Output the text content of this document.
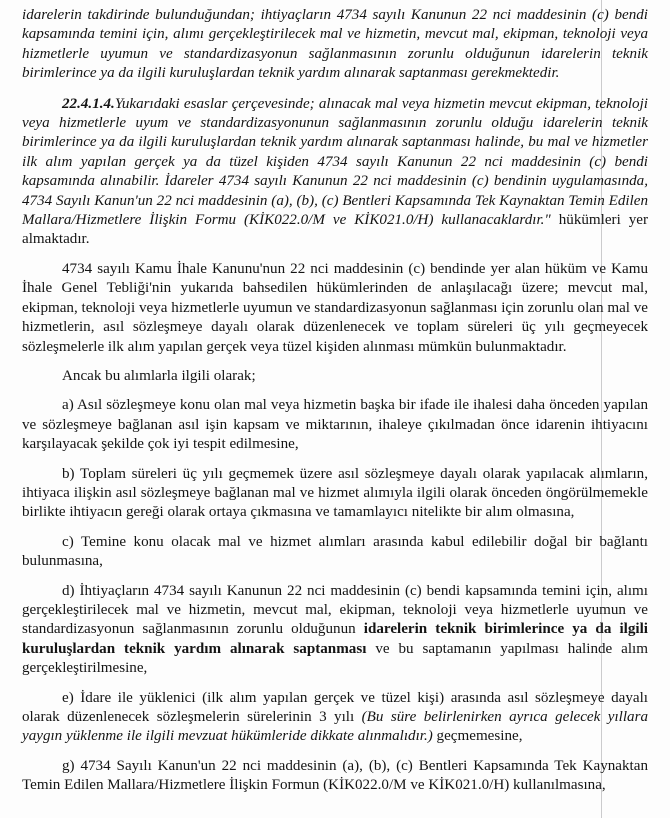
idarelerin takdirinde bulunduğundan; ihtiyaçların 4734 sayılı Kanunun 22 nci maddesinin (c) bendi kapsamında temini için, alımı gerçekleştirilecek mal ve hizmetin, mevcut mal, ekipman, teknoloji veya hizmetlerle uyumun ve standardizasyonun sağlanmasının zorunlu olduğunun idarelerin teknik birimlerince ya da ilgili kuruluşlardan teknik yardım alınarak saptanması gerekmektedir.

22.4.1.4.Yukarıdaki esaslar çerçevesinde; alınacak mal veya hizmetin mevcut ekipman, teknoloji veya hizmetlerle uyum ve standardizasyonunun sağlanmasının zorunlu olduğu idarelerin teknik birimlerince ya da ilgili kuruluşlardan teknik yardım alınarak saptanması halinde, bu mal ve hizmetler ilk alım yapılan gerçek ya da tüzel kişiden 4734 sayılı Kanunun 22 nci maddesinin (c) bendi kapsamında alınabilir. İdareler 4734 sayılı Kanunun 22 nci maddesinin (c) bendinin uygulamasında, 4734 Sayılı Kanun'un 22 nci maddesinin (a), (b), (c) Bentleri Kapsamında Tek Kaynaktan Temin Edilen Mallara/Hizmetlere İlişkin Formu (KİK022.0/M ve KİK021.0/H) kullanacaklardır." hükümleri yer almaktadır.

4734 sayılı Kamu İhale Kanunu'nun 22 nci maddesinin (c) bendinde yer alan hüküm ve Kamu İhale Genel Tebliği'nin yukarıda bahsedilen hükümlerinden de anlaşılacağı üzere; mevcut mal, ekipman, teknoloji veya hizmetlerle uyumun ve standardizasyonun sağlanması için zorunlu olan mal ve hizmetlerin, asıl sözleşmeye dayalı olarak düzenlenecek ve toplam süreleri üç yılı geçmeyecek sözleşmelerle ilk alım yapılan gerçek veya tüzel kişiden alınması mümkün bulunmaktadır.

Ancak bu alımlarla ilgili olarak;

a) Asıl sözleşmeye konu olan mal veya hizmetin başka bir ifade ile ihalesi daha önceden yapılan ve sözleşmeye bağlanan asıl işin kapsam ve miktarının, ihaleye çıkılmadan önce idarenin ihtiyacını karşılayacak şekilde çok iyi tespit edilmesine,

b) Toplam süreleri üç yılı geçmemek üzere asıl sözleşmeye dayalı olarak yapılacak alımların, ihtiyaca ilişkin asıl sözleşmeye bağlanan mal ve hizmet alımıyla ilgili olarak önceden öngörülmemekle birlikte ihtiyacın gereği olarak ortaya çıkmasına ve tamamlayıcı nitelikte bir alım olmasına,

c) Temine konu olacak mal ve hizmet alımları arasında kabul edilebilir doğal bir bağlantı bulunmasına,

d) İhtiyaçların 4734 sayılı Kanunun 22 nci maddesinin (c) bendi kapsamında temini için, alımı gerçekleştirilecek mal ve hizmetin, mevcut mal, ekipman, teknoloji veya hizmetlerle uyumun ve standardizasyonun sağlanmasının zorunlu olduğunun idarelerin teknik birimlerince ya da ilgili kuruluşlardan teknik yardım alınarak saptanması ve bu saptamanın yapılması halinde alım gerçekleştirilmesine,

e) İdare ile yüklenici (ilk alım yapılan gerçek ve tüzel kişi) arasında asıl sözleşmeye dayalı olarak düzenlenecek sözleşmelerin sürelerinin 3 yılı (Bu süre belirlenirken ayrıca gelecek yıllara yaygın yüklenme ile ilgili mevzuat hükümleride dikkate alınmalıdır.) geçmemesine,

g) 4734 Sayılı Kanun'un 22 nci maddesinin (a), (b), (c) Bentleri Kapsamında Tek Kaynaktan Temin Edilen Mallara/Hizmetlere İlişkin Formun (KİK022.0/M ve KİK021.0/H) kullanılmasına,
